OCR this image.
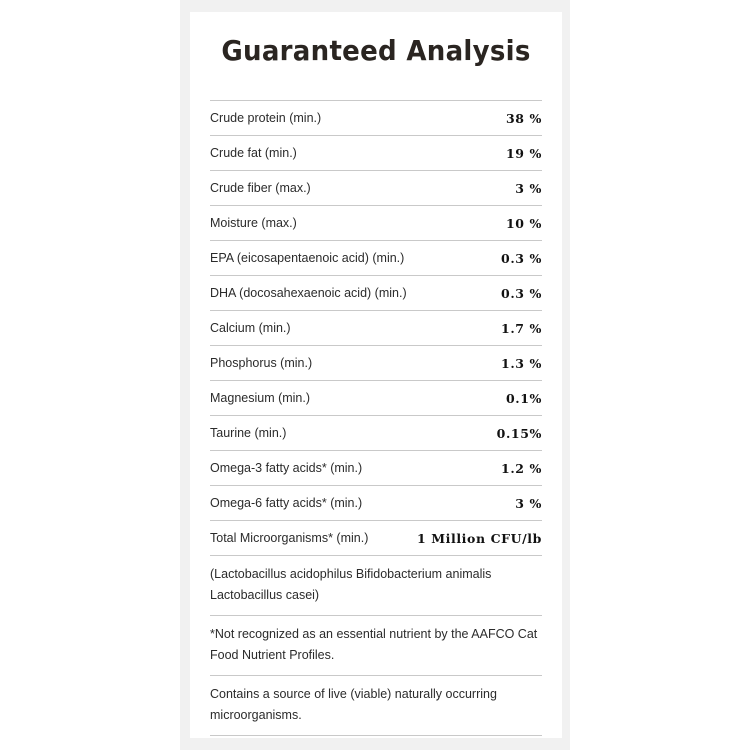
Guaranteed Analysis
Crude protein (min.)	38 %
Crude fat (min.)	19 %
Crude fiber (max.)	3 %
Moisture (max.)	10 %
EPA (eicosapentaenoic acid) (min.)	0.3 %
DHA (docosahexaenoic acid) (min.)	0.3 %
Calcium (min.)	1.7 %
Phosphorus (min.)	1.3 %
Magnesium (min.)	0.1%
Taurine (min.)	0.15%
Omega-3 fatty acids* (min.)	1.2 %
Omega-6 fatty acids* (min.)	3 %
Total Microorganisms* (min.)	1 Million CFU/lb
(Lactobacillus acidophilus Bifidobacterium animalis Lactobacillus casei)
*Not recognized as an essential nutrient by the AAFCO Cat Food Nutrient Profiles.
Contains a source of live (viable) naturally occurring microorganisms.
